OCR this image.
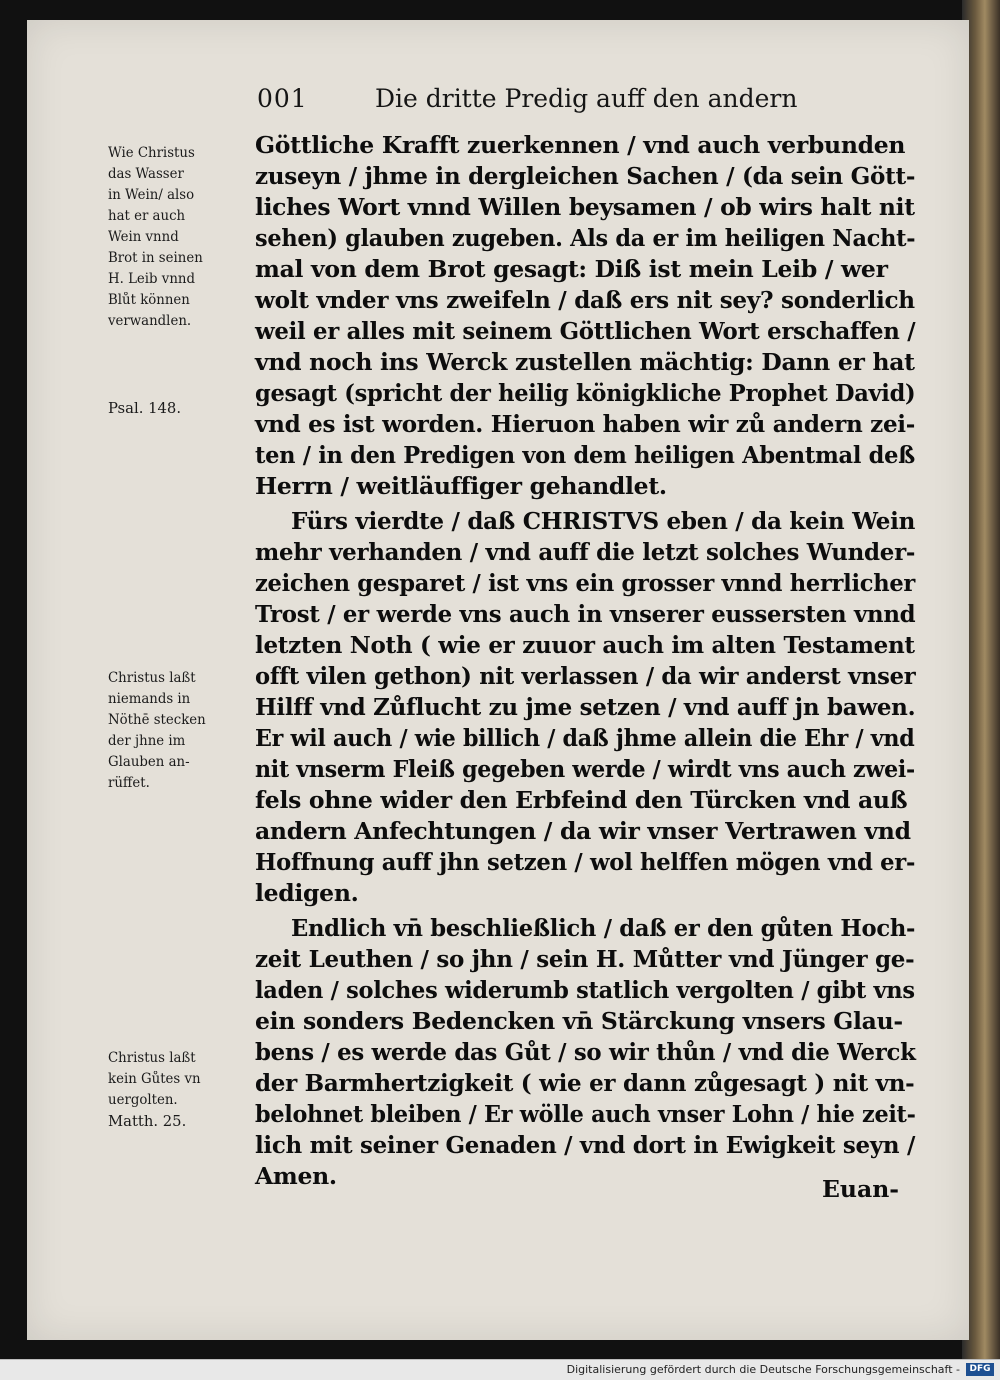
001	Die dritte Predig auff den andern
Wie Christus
das Wasser
in Wein/ also
hat er auch
Wein vnnd
Brot in seinen
H. Leib vnnd
Blůt können
verwandlen.
Psal. 148.
Christus laßt
niemands in
Nöthē stecken
der jhne im
Glauben an-
rüffet.
Christus laßt
kein Gůtes vn
uergolten.
Matth. 25.
Göttliche Krafft zuerkennen / vnd auch verbunden
zuseyn / jhme in dergleichen Sachen / (da sein Gött-
liches Wort vnnd Willen beysamen / ob wirs halt nit
sehen) glauben zugeben. Als da er im heiligen Nacht-
mal von dem Brot gesagt: Diß ist mein Leib / wer
wolt vnder vns zweifeln / daß ers nit sey? sonderlich
weil er alles mit seinem Göttlichen Wort erschaffen /
vnd noch ins Werck zustellen mächtig: Dann er hat
gesagt (spricht der heilig königkliche Prophet David)
vnd es ist worden. Hieruon haben wir zů andern zei-
ten / in den Predigen von dem heiligen Abentmal deß
Herrn / weitläuffiger gehandlet.
Fürs vierdte / daß CHRISTVS eben / da kein Wein
mehr verhanden / vnd auff die letzt solches Wunder-
zeichen gesparet / ist vns ein grosser vnnd herrlicher
Trost / er werde vns auch in vnserer eussersten vnnd
letzten Noth ( wie er zuuor auch im alten Testament
offt vilen gethon) nit verlassen / da wir anderst vnser
Hilff vnd Zůflucht zu jme setzen / vnd auff jn bawen.
Er wil auch / wie billich / daß jhme allein die Ehr / vnd
nit vnserm Fleiß gegeben werde / wirdt vns auch zwei-
fels ohne wider den Erbfeind den Türcken vnd auß
andern Anfechtungen / da wir vnser Vertrawen vnd
Hoffnung auff jhn setzen / wol helffen mögen vnd er-
ledigen.
Endlich vn̄ beschließlich / daß er den gůten Hoch-
zeit Leuthen / so jhn / sein H. Můtter vnd Jünger ge-
laden / solches widerumb statlich vergolten / gibt vns
ein sonders Bedencken vn̄ Stärckung vnsers Glau-
bens / es werde das Gůt / so wir thůn / vnd die Werck
der Barmhertzigkeit ( wie er dann zůgesagt ) nit vn-
belohnet bleiben / Er wölle auch vnser Lohn / hie zeit-
lich mit seiner Genaden / vnd dort in Ewigkeit seyn /
Amen.	Euan-
Digitalisierung gefördert durch die Deutsche Forschungsgemeinschaft -	DFG
